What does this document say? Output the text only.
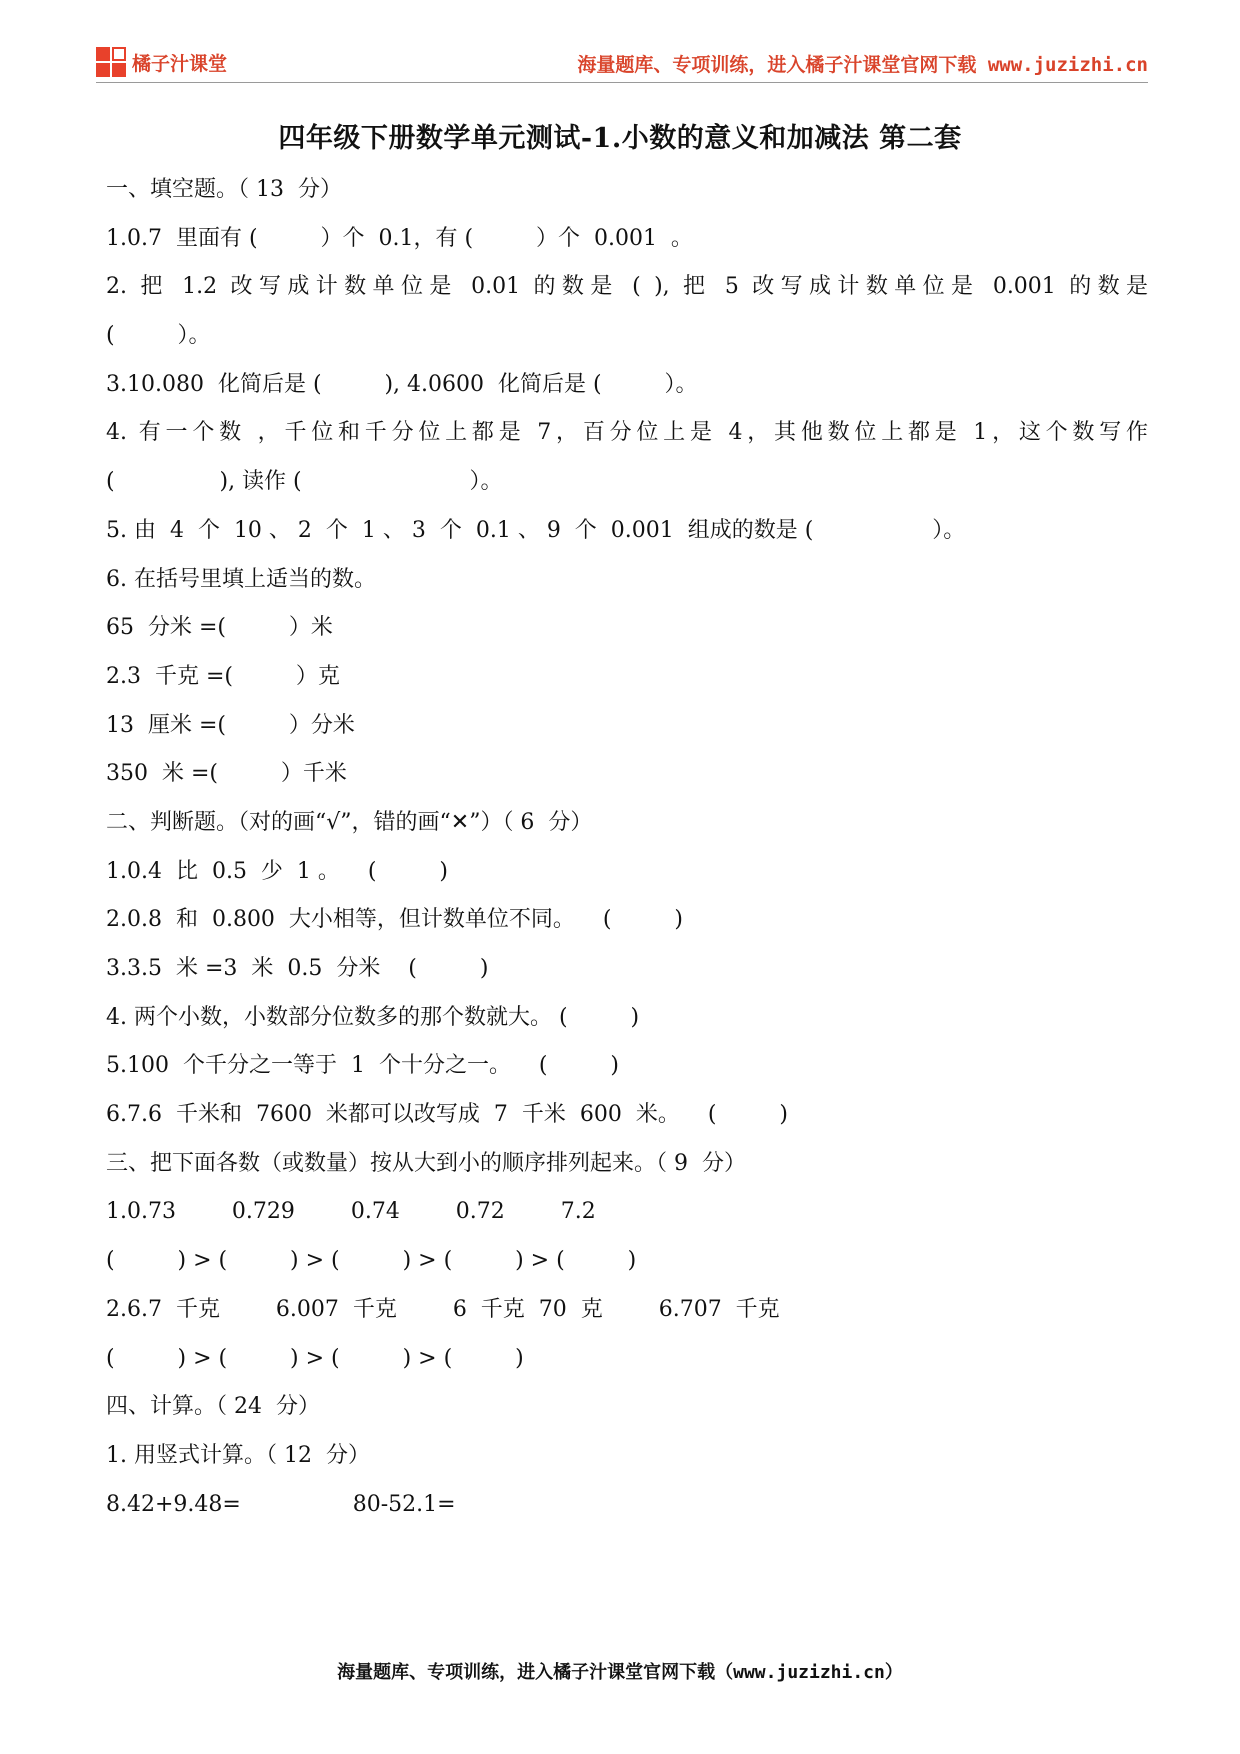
橘子汁课堂	海量题库、专项训练，进入橘子汁课堂官网下载 www.juzizhi.cn
四年级下册数学单元测试-1.小数的意义和加减法 第二套
一、填空题。（ 13  分）
1.0.7  里面有 (         ）个  0.1，有 (         ）个  0.001  。
2. 把 1.2 改写成计数单位是 0.01 的数是 ( ), 把 5 改写成计数单位是 0.001 的数是
(         ）。
3.10.080  化简后是 (         ), 4.0600  化简后是 (         ）。
4. 有一个数 ，千位和千分位上都是 7，百分位上是 4，其他数位上都是 1，这个数写作
(               ), 读作 (                        ）。
5. 由  4  个  10 、 2  个  1 、 3  个  0.1 、 9  个  0.001  组成的数是 (                 ）。
6. 在括号里填上适当的数。
65  分米 =(         ）米
2.3  千克 =(         ）克
13  厘米 =(         ）分米
350  米 =(         ）千米
二、判断题。（对的画“√”，错的画“✕”）（ 6  分）
1.0.4  比  0.5  少  1 。    (         )
2.0.8  和  0.800  大小相等，但计数单位不同。    (         )
3.3.5  米 =3  米  0.5  分米    (         )
4. 两个小数，小数部分位数多的那个数就大。 (         )
5.100  个千分之一等于  1  个十分之一。    (         )
6.7.6  千米和  7600  米都可以改写成  7  千米  600  米。    (         )
三、把下面各数（或数量）按从大到小的顺序排列起来。（ 9  分）
1.0.73        0.729        0.74        0.72        7.2
(         ) > (         ) > (         ) > (         ) > (         )
2.6.7  千克        6.007  千克        6  千克  70  克        6.707  千克
(         ) > (         ) > (         ) > (         )
四、计算。（ 24  分）
1. 用竖式计算。（ 12  分）
8.42+9.48=                80-52.1=
海量题库、专项训练，进入橘子汁课堂官网下载（www.juzizhi.cn）
